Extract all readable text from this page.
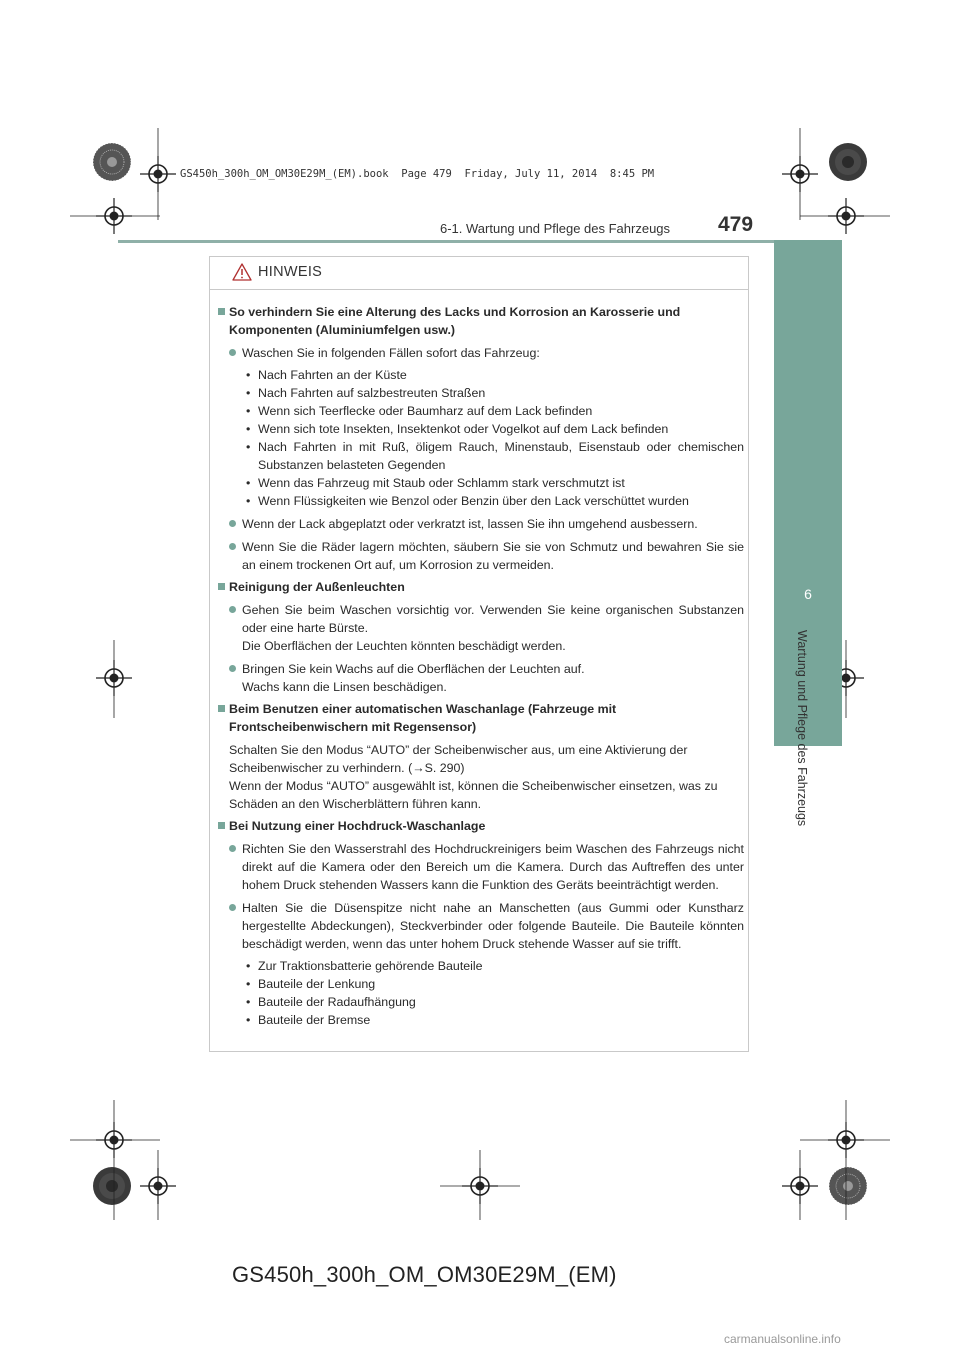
GS450h_300h_OM_OM30E29M_(EM).book  Page 479  Friday, July 11, 2014  8:45 PM
479
6-1. Wartung und Pflege des Fahrzeugs
6
Wartung und Pflege des Fahrzeugs
HINWEIS
So verhindern Sie eine Alterung des Lacks und Korrosion an Karosserie und Komponenten (Aluminiumfelgen usw.)
Waschen Sie in folgenden Fällen sofort das Fahrzeug:
• Nach Fahrten an der Küste
• Nach Fahrten auf salzbestreuten Straßen
• Wenn sich Teerflecke oder Baumharz auf dem Lack befinden
• Wenn sich tote Insekten, Insektenkot oder Vogelkot auf dem Lack befinden
• Nach Fahrten in mit Ruß, öligem Rauch, Minenstaub, Eisenstaub oder chemischen Substanzen belasteten Gegenden
• Wenn das Fahrzeug mit Staub oder Schlamm stark verschmutzt ist
• Wenn Flüssigkeiten wie Benzol oder Benzin über den Lack verschüttet wurden
Wenn der Lack abgeplatzt oder verkratzt ist, lassen Sie ihn umgehend ausbessern.
Wenn Sie die Räder lagern möchten, säubern Sie sie von Schmutz und bewahren Sie sie an einem trockenen Ort auf, um Korrosion zu vermeiden.
Reinigung der Außenleuchten
Gehen Sie beim Waschen vorsichtig vor. Verwenden Sie keine organischen Substanzen oder eine harte Bürste.
Die Oberflächen der Leuchten könnten beschädigt werden.
Bringen Sie kein Wachs auf die Oberflächen der Leuchten auf.
Wachs kann die Linsen beschädigen.
Beim Benutzen einer automatischen Waschanlage (Fahrzeuge mit Frontscheibenwischern mit Regensensor)
Schalten Sie den Modus “AUTO” der Scheibenwischer aus, um eine Aktivierung der Scheibenwischer zu verhindern. (→S. 290)
Wenn der Modus “AUTO” ausgewählt ist, können die Scheibenwischer einsetzen, was zu Schäden an den Wischerblättern führen kann.
Bei Nutzung einer Hochdruck-Waschanlage
Richten Sie den Wasserstrahl des Hochdruckreinigers beim Waschen des Fahrzeugs nicht direkt auf die Kamera oder den Bereich um die Kamera. Durch das Auftreffen des unter hohem Druck stehenden Wassers kann die Funktion des Geräts beeinträchtigt werden.
Halten Sie die Düsenspitze nicht nahe an Manschetten (aus Gummi oder Kunstharz hergestellte Abdeckungen), Steckverbinder oder folgende Bauteile. Die Bauteile könnten beschädigt werden, wenn das unter hohem Druck stehende Wasser auf sie trifft.
• Zur Traktionsbatterie gehörende Bauteile
• Bauteile der Lenkung
• Bauteile der Radaufhängung
• Bauteile der Bremse
GS450h_300h_OM_OM30E29M_(EM)
carmanualsonline.info
